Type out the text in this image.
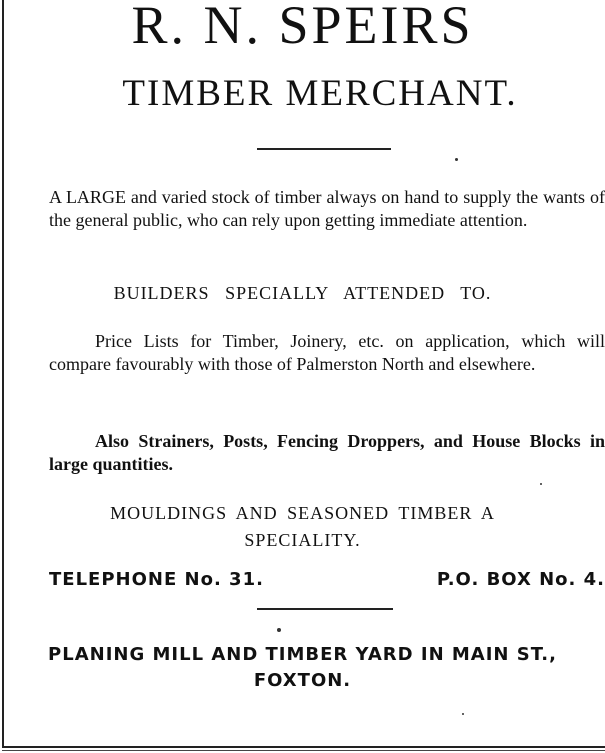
R. N. SPEIRS
TIMBER MERCHANT.
A LARGE and varied stock of timber always on hand to supply the wants of the general public, who can rely upon getting immediate attention.
BUILDERS SPECIALLY ATTENDED TO.
Price Lists for Timber, Joinery, etc. on application, which will compare favourably with those of Palmerston North and elsewhere.
Also Strainers, Posts, Fencing Droppers, and House Blocks in large quantities.
MOULDINGS AND SEASONED TIMBER A
SPECIALITY.
TELEPHONE No. 31.	P.O. BOX No. 4.
PLANING MILL AND TIMBER YARD IN MAIN ST.,
FOXTON.
